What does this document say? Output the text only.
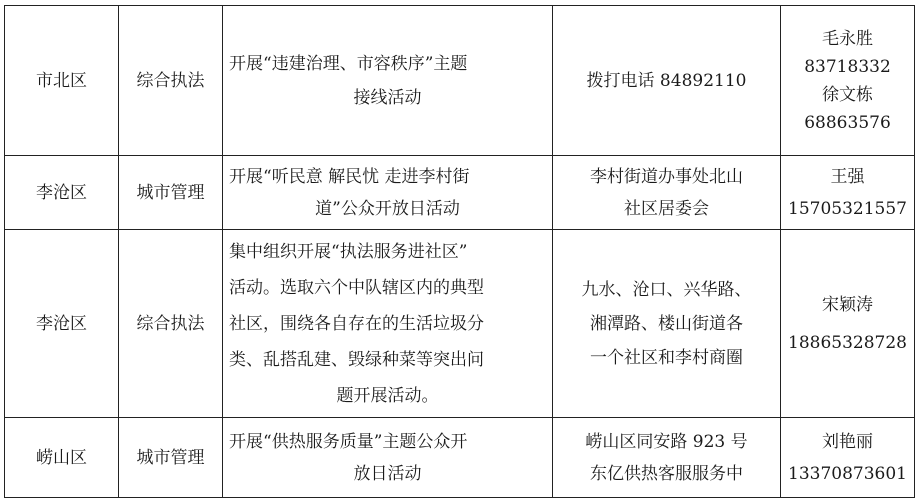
市北区	综合执法	开展“违建治理、市容秩序”主题
接线活动	拨打电话 84892110	毛永胜
83718332
徐文栋
68863576

李沧区	城市管理	开展“听民意 解民忧 走进李村街
道”公众开放日活动	李村街道办事处北山
社区居委会	王强
15705321557

李沧区	综合执法	集中组织开展“执法服务进社区”
活动。选取六个中队辖区内的典型
社区，围绕各自存在的生活垃圾分
类、乱搭乱建、毁绿种菜等突出问
题开展活动。	九水、沧口、兴华路、
湘潭路、楼山街道各
一个社区和李村商圈	宋颖涛
18865328728

崂山区	城市管理	开展“供热服务质量”主题公众开
放日活动	崂山区同安路 923 号
东亿供热客服服务中	刘艳丽
13370873601
